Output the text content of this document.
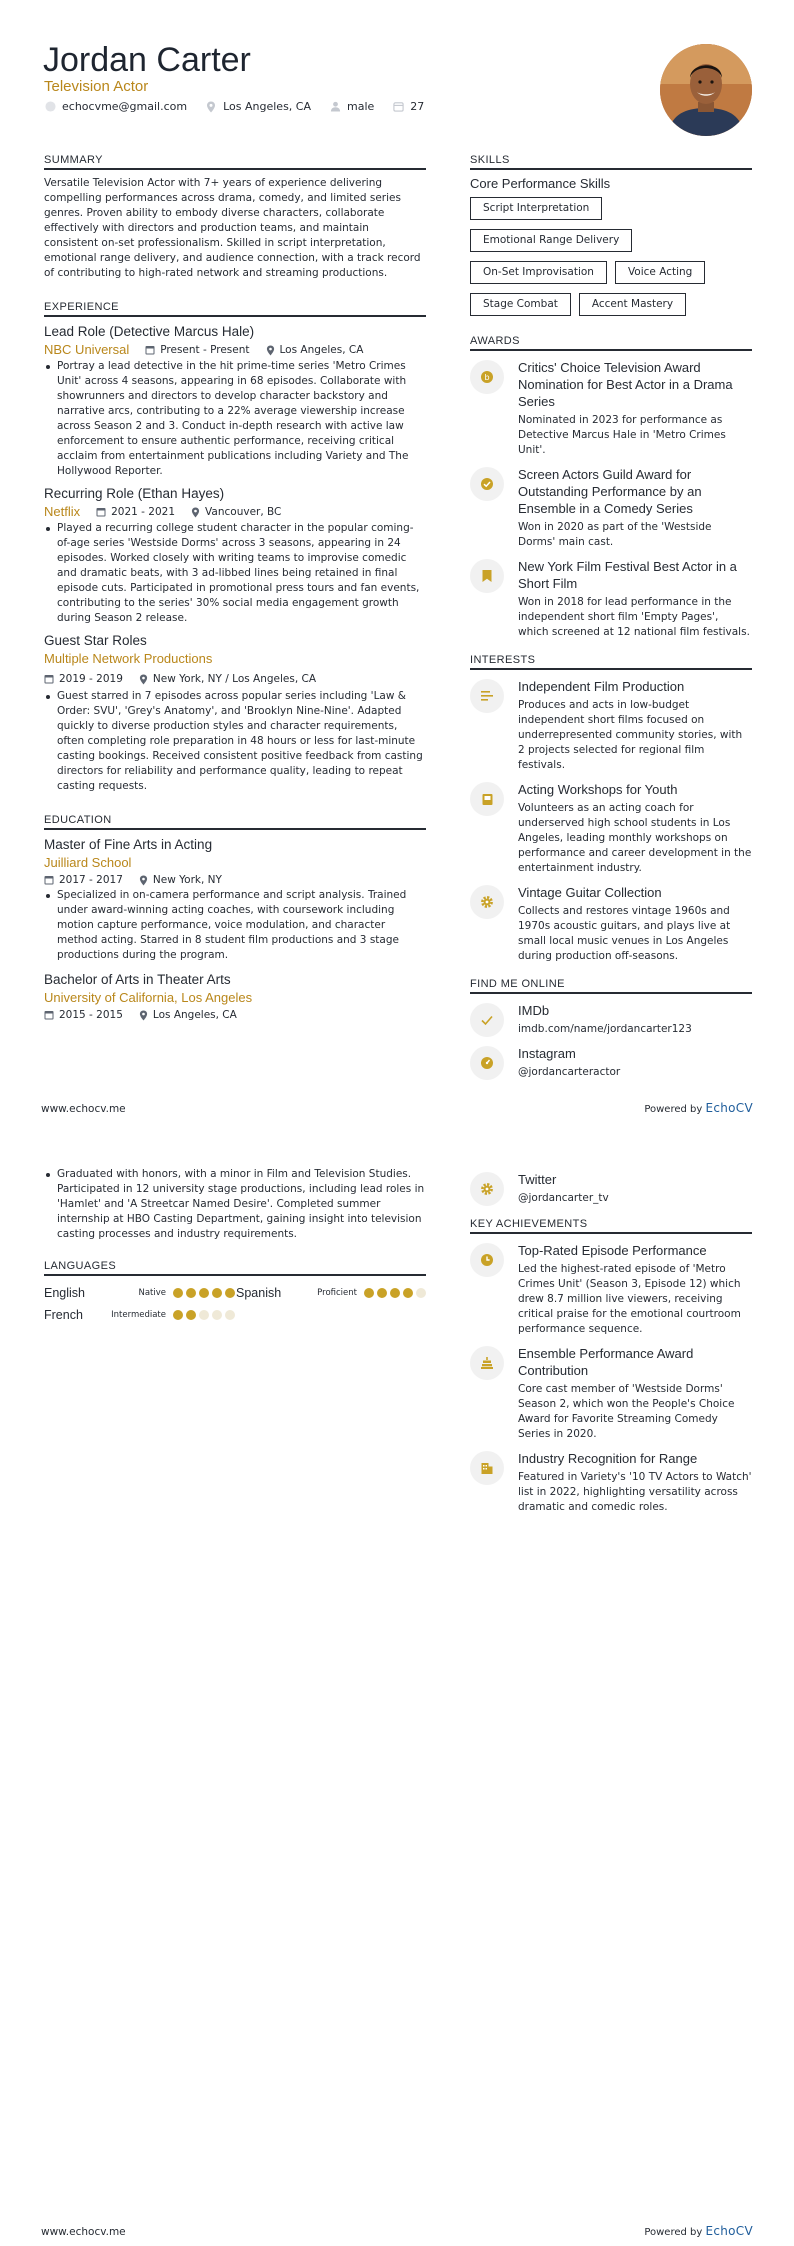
Jordan Carter
Television Actor
echocvme@gmail.com	Los Angeles, CA	male	27
SUMMARY
Versatile Television Actor with 7+ years of experience delivering compelling performances across drama, comedy, and limited series genres. Proven ability to embody diverse characters, collaborate effectively with directors and production teams, and maintain consistent on-set professionalism. Skilled in script interpretation, emotional range delivery, and audience connection, with a track record of contributing to high-rated network and streaming productions.
EXPERIENCE
Lead Role (Detective Marcus Hale)
NBC Universal	Present - Present	Los Angeles, CA
Portray a lead detective in the hit prime-time series 'Metro Crimes Unit' across 4 seasons, appearing in 68 episodes. Collaborate with showrunners and directors to develop character backstory and narrative arcs, contributing to a 22% average viewership increase across Season 2 and 3. Conduct in-depth research with active law enforcement to ensure authentic performance, receiving critical acclaim from entertainment publications including Variety and The Hollywood Reporter.
Recurring Role (Ethan Hayes)
Netflix	2021 - 2021	Vancouver, BC
Played a recurring college student character in the popular coming-of-age series 'Westside Dorms' across 3 seasons, appearing in 24 episodes. Worked closely with writing teams to improvise comedic and dramatic beats, with 3 ad-libbed lines being retained in final episode cuts. Participated in promotional press tours and fan events, contributing to the series' 30% social media engagement growth during Season 2 release.
Guest Star Roles
Multiple Network Productions
2019 - 2019	New York, NY / Los Angeles, CA
Guest starred in 7 episodes across popular series including 'Law & Order: SVU', 'Grey's Anatomy', and 'Brooklyn Nine-Nine'. Adapted quickly to diverse production styles and character requirements, often completing role preparation in 48 hours or less for last-minute casting bookings. Received consistent positive feedback from casting directors for reliability and performance quality, leading to repeat casting requests.
EDUCATION
Master of Fine Arts in Acting
Juilliard School
2017 - 2017	New York, NY
Specialized in on-camera performance and script analysis. Trained under award-winning acting coaches, with coursework including motion capture performance, voice modulation, and character method acting. Starred in 8 student film productions and 3 stage productions during the program.
Bachelor of Arts in Theater Arts
University of California, Los Angeles
2015 - 2015	Los Angeles, CA
SKILLS
Core Performance Skills
Script Interpretation
Emotional Range Delivery
On-Set Improvisation	Voice Acting
Stage Combat	Accent Mastery
AWARDS
b
Critics' Choice Television Award Nomination for Best Actor in a Drama Series
Nominated in 2023 for performance as Detective Marcus Hale in 'Metro Crimes Unit'.
Screen Actors Guild Award for Outstanding Performance by an Ensemble in a Comedy Series
Won in 2020 as part of the 'Westside Dorms' main cast.
New York Film Festival Best Actor in a Short Film
Won in 2018 for lead performance in the independent short film 'Empty Pages', which screened at 12 national film festivals.
INTERESTS
Independent Film Production
Produces and acts in low-budget independent short films focused on underrepresented community stories, with 2 projects selected for regional film festivals.
Acting Workshops for Youth
Volunteers as an acting coach for underserved high school students in Los Angeles, leading monthly workshops on performance and career development in the entertainment industry.
Vintage Guitar Collection
Collects and restores vintage 1960s and 1970s acoustic guitars, and plays live at small local music venues in Los Angeles during production off-seasons.
FIND ME ONLINE
IMDb
imdb.com/name/jordancarter123
Instagram
@jordancarteractor
www.echocv.me	Powered by EchoCV
Graduated with honors, with a minor in Film and Television Studies. Participated in 12 university stage productions, including lead roles in 'Hamlet' and 'A Streetcar Named Desire'. Completed summer internship at HBO Casting Department, gaining insight into television casting processes and industry requirements.
LANGUAGES
English	Native	Spanish	Proficient
French	Intermediate
Twitter
@jordancarter_tv
KEY ACHIEVEMENTS
Top-Rated Episode Performance
Led the highest-rated episode of 'Metro Crimes Unit' (Season 3, Episode 12) which drew 8.7 million live viewers, receiving critical praise for the emotional courtroom performance sequence.
Ensemble Performance Award Contribution
Core cast member of 'Westside Dorms' Season 2, which won the People's Choice Award for Favorite Streaming Comedy Series in 2020.
Industry Recognition for Range
Featured in Variety's '10 TV Actors to Watch' list in 2022, highlighting versatility across dramatic and comedic roles.
www.echocv.me	Powered by EchoCV
